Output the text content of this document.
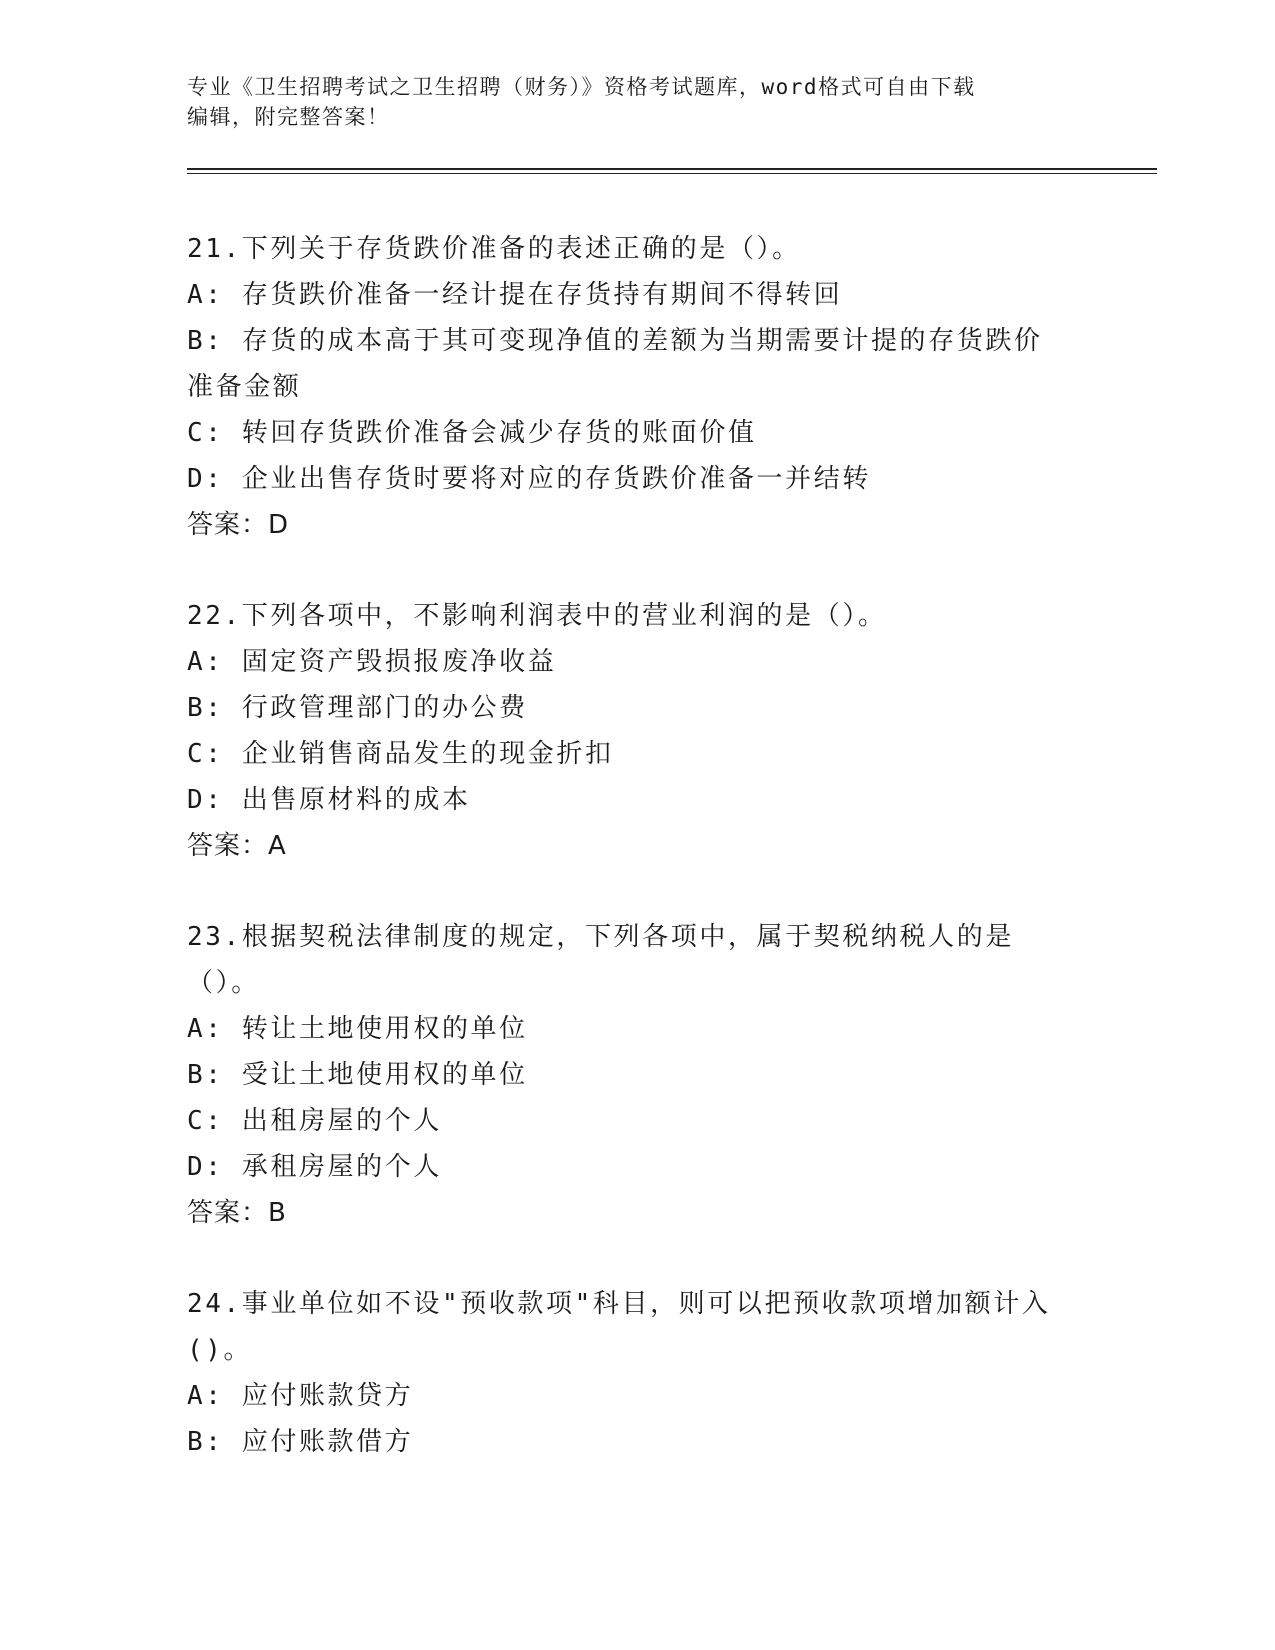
专业《卫生招聘考试之卫生招聘（财务）》资格考试题库，word格式可自由下载
编辑，附完整答案！

21.下列关于存货跌价准备的表述正确的是（）。

A: 存货跌价准备一经计提在存货持有期间不得转回

B: 存货的成本高于其可变现净值的差额为当期需要计提的存货跌价准备金额

C: 转回存货跌价准备会减少存货的账面价值

D: 企业出售存货时要将对应的存货跌价准备一并结转

答案：D

22.下列各项中，不影响利润表中的营业利润的是（）。

A: 固定资产毁损报废净收益

B: 行政管理部门的办公费

C: 企业销售商品发生的现金折扣

D: 出售原材料的成本

答案：A

23.根据契税法律制度的规定，下列各项中，属于契税纳税人的是（）。

A: 转让土地使用权的单位

B: 受让土地使用权的单位

C: 出租房屋的个人

D: 承租房屋的个人

答案：B

24.事业单位如不设"预收款项"科目，则可以把预收款项增加额计入()。

A: 应付账款贷方

B: 应付账款借方
